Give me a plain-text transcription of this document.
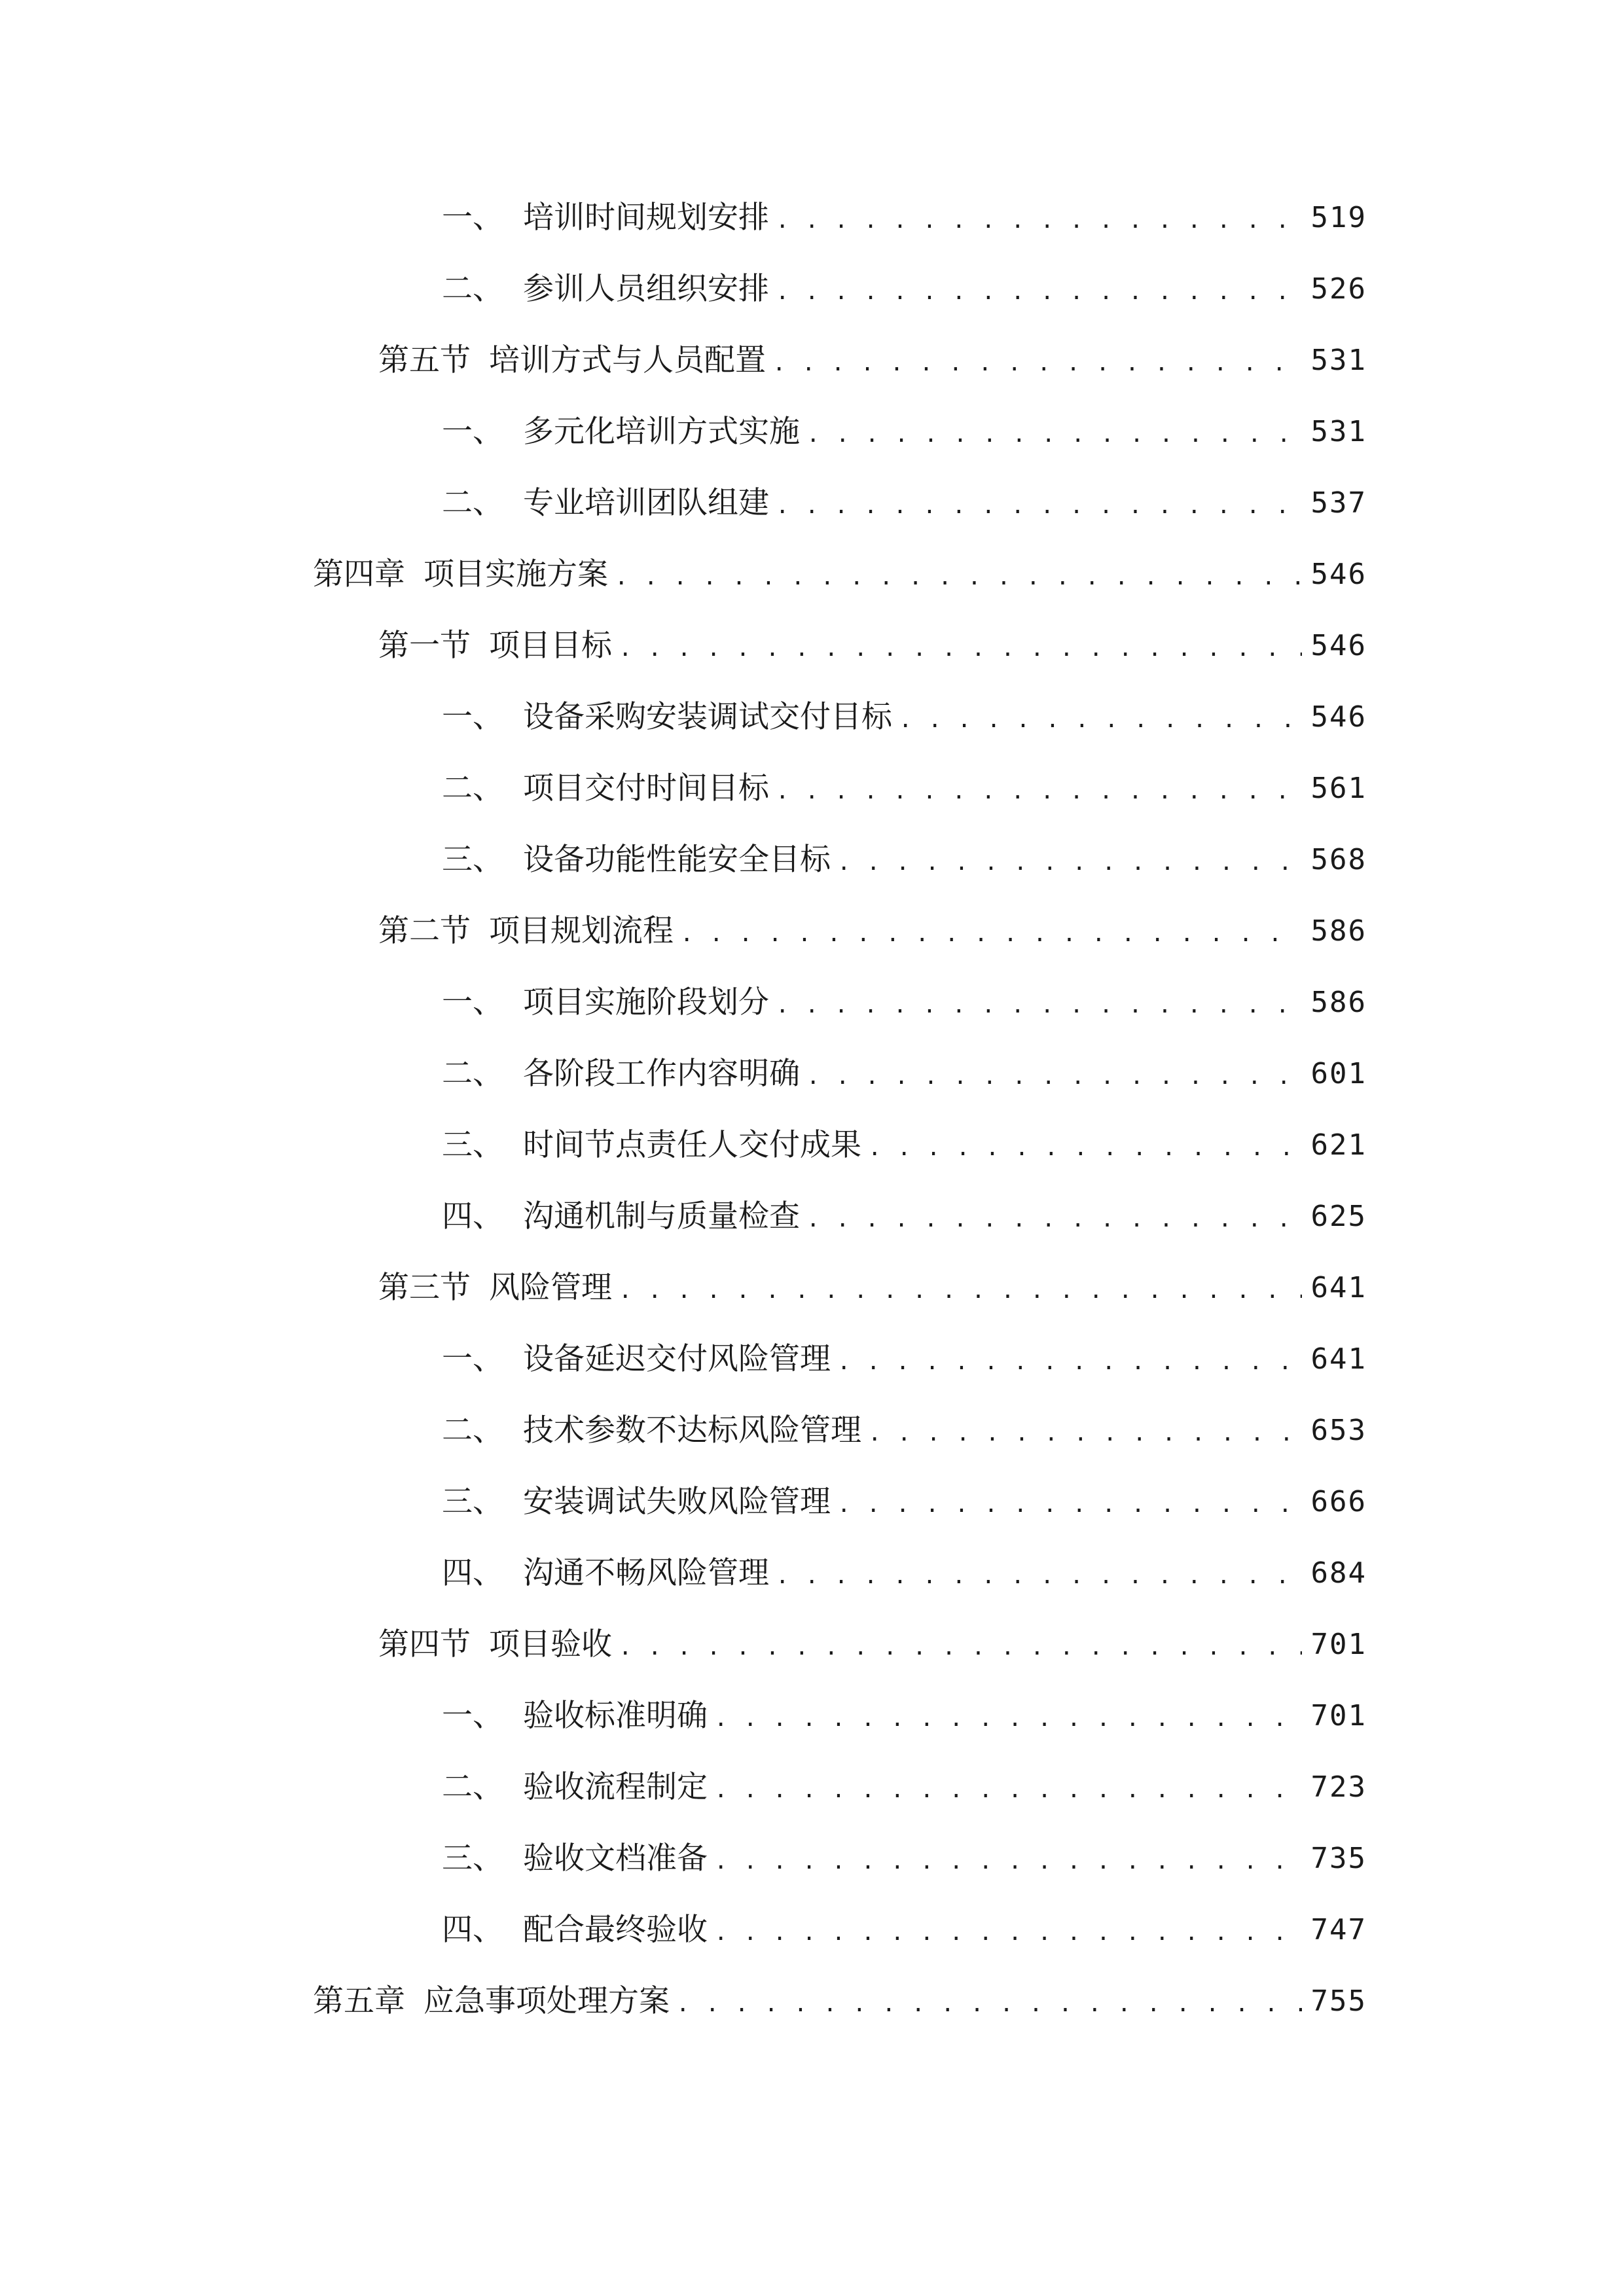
一、 培训时间规划安排 . . .	519
二、 参训人员组织安排 . . .	526
第五节 培训方式与人员配置 . . .	531
一、 多元化培训方式实施 . . .	531
二、 专业培训团队组建 . . .	537
第四章 项目实施方案 . . .	546
第一节 项目目标 . . .	546
一、 设备采购安装调试交付目标 . . .	546
二、 项目交付时间目标 . . .	561
三、 设备功能性能安全目标 . . .	568
第二节 项目规划流程 . . .	586
一、 项目实施阶段划分 . . .	586
二、 各阶段工作内容明确 . . .	601
三、 时间节点责任人交付成果 . . .	621
四、 沟通机制与质量检查 . . .	625
第三节 风险管理 . . .	641
一、 设备延迟交付风险管理 . . .	641
二、 技术参数不达标风险管理 . . .	653
三、 安装调试失败风险管理 . . .	666
四、 沟通不畅风险管理 . . .	684
第四节 项目验收 . . .	701
一、 验收标准明确 . . .	701
二、 验收流程制定 . . .	723
三、 验收文档准备 . . .	735
四、 配合最终验收 . . .	747
第五章 应急事项处理方案 . . .	755
